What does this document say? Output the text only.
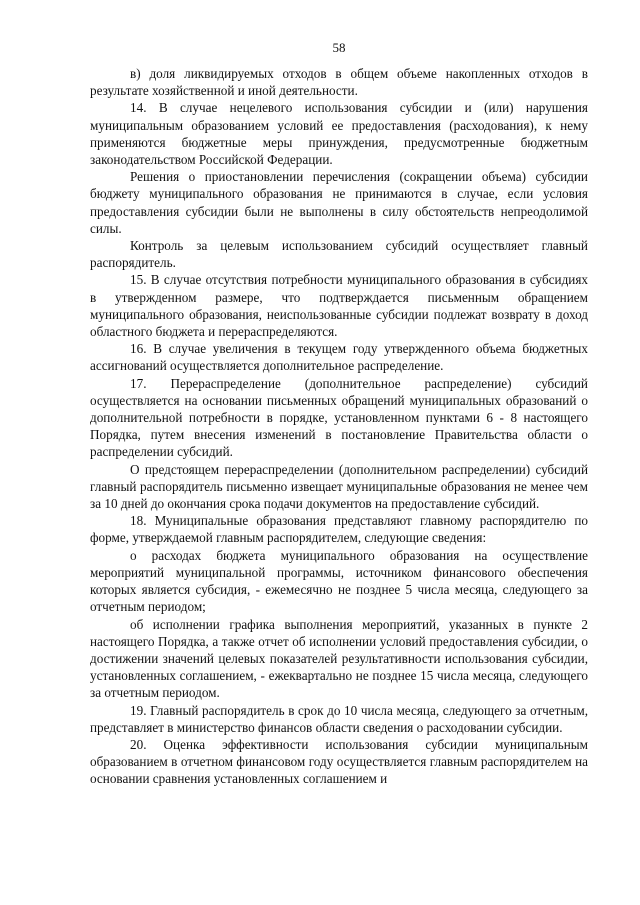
58

в) доля ликвидируемых отходов в общем объеме накопленных отходов в результате хозяйственной и иной деятельности.

14. В случае нецелевого использования субсидии и (или) нарушения муниципальным образованием условий ее предоставления (расходования), к нему применяются бюджетные меры принуждения, предусмотренные бюджетным законодательством Российской Федерации.

Решения о приостановлении перечисления (сокращении объема) субсидии бюджету муниципального образования не принимаются в случае, если условия предоставления субсидии были не выполнены в силу обстоятельств непреодолимой силы.

Контроль за целевым использованием субсидий осуществляет главный распорядитель.

15. В случае отсутствия потребности муниципального образования в субсидиях в утвержденном размере, что подтверждается письменным обращением муниципального образования, неиспользованные субсидии подлежат возврату в доход областного бюджета и перераспределяются.

16. В случае увеличения в текущем году утвержденного объема бюджетных ассигнований осуществляется дополнительное распределение.

17. Перераспределение (дополнительное распределение) субсидий осуществляется на основании письменных обращений муниципальных образований о дополнительной потребности в порядке, установленном пунктами 6 - 8 настоящего Порядка, путем внесения изменений в постановление Правительства области о распределении субсидий.

О предстоящем перераспределении (дополнительном распределении) субсидий главный распорядитель письменно извещает муниципальные образования не менее чем за 10 дней до окончания срока подачи документов на предоставление субсидий.

18. Муниципальные образования представляют главному распорядителю по форме, утверждаемой главным распорядителем, следующие сведения:

о расходах бюджета муниципального образования на осуществление мероприятий муниципальной программы, источником финансового обеспечения которых является субсидия, - ежемесячно не позднее 5 числа месяца, следующего за отчетным периодом;

об исполнении графика выполнения мероприятий, указанных в пункте 2 настоящего Порядка, а также отчет об исполнении условий предоставления субсидии, о достижении значений целевых показателей результативности использования субсидии, установленных соглашением, - ежеквартально не позднее 15 числа месяца, следующего за отчетным периодом.

19. Главный распорядитель в срок до 10 числа месяца, следующего за отчетным, представляет в министерство финансов области сведения о расходовании субсидии.

20. Оценка эффективности использования субсидии муниципальным образованием в отчетном финансовом году осуществляется главным распорядителем на основании сравнения установленных соглашением и
